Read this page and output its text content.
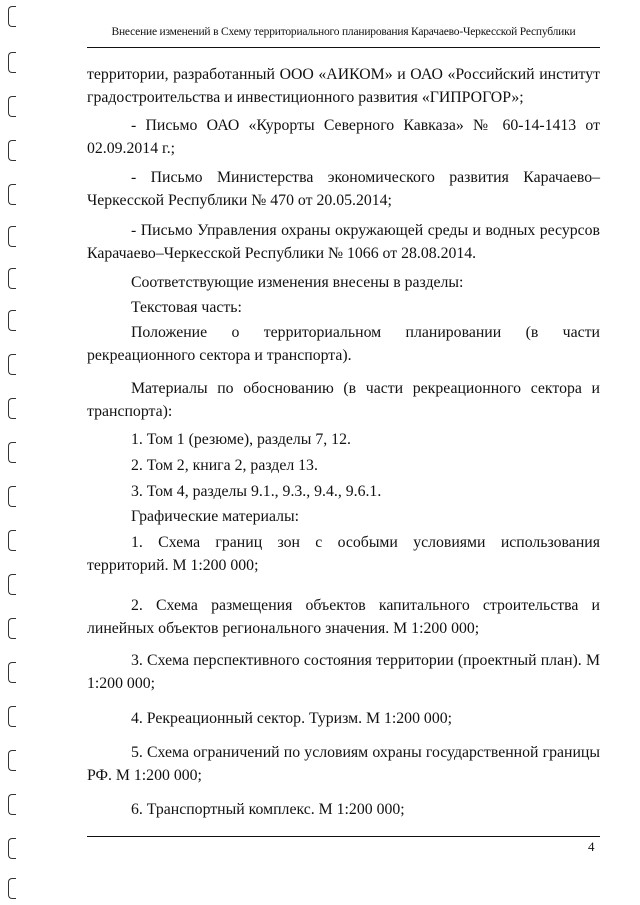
Внесение изменений в Схему территориального планирования Карачаево-Черкесской Республики

территории, разработанный ООО «АИКОМ» и ОАО «Российский институт градостроительства и инвестиционного развития «ГИПРОГОР»;

- Письмо ОАО «Курорты Северного Кавказа» № 60-14-1413 от 02.09.2014 г.;

- Письмо Министерства экономического развития Карачаево–Черкесской Республики № 470 от 20.05.2014;

- Письмо Управления охраны окружающей среды и водных ресурсов Карачаево–Черкесской Республики № 1066 от 28.08.2014.

Соответствующие изменения внесены в разделы:

Текстовая часть:

Положение о территориальном планировании (в части рекреационного сектора и транспорта).

Материалы по обоснованию (в части рекреационного сектора и транспорта):

1. Том 1 (резюме), разделы 7, 12.

2. Том 2, книга 2, раздел 13.

3. Том 4, разделы 9.1., 9.3., 9.4., 9.6.1.

Графические материалы:

1. Схема границ зон с особыми условиями использования территорий. М 1:200 000;

2. Схема размещения объектов капитального строительства и линейных объектов регионального значения. М 1:200 000;

3. Схема перспективного состояния территории (проектный план). М 1:200 000;

4. Рекреационный сектор. Туризм. М 1:200 000;

5. Схема ограничений по условиям охраны государственной границы РФ. М 1:200 000;

6. Транспортный комплекс. М 1:200 000;

4
